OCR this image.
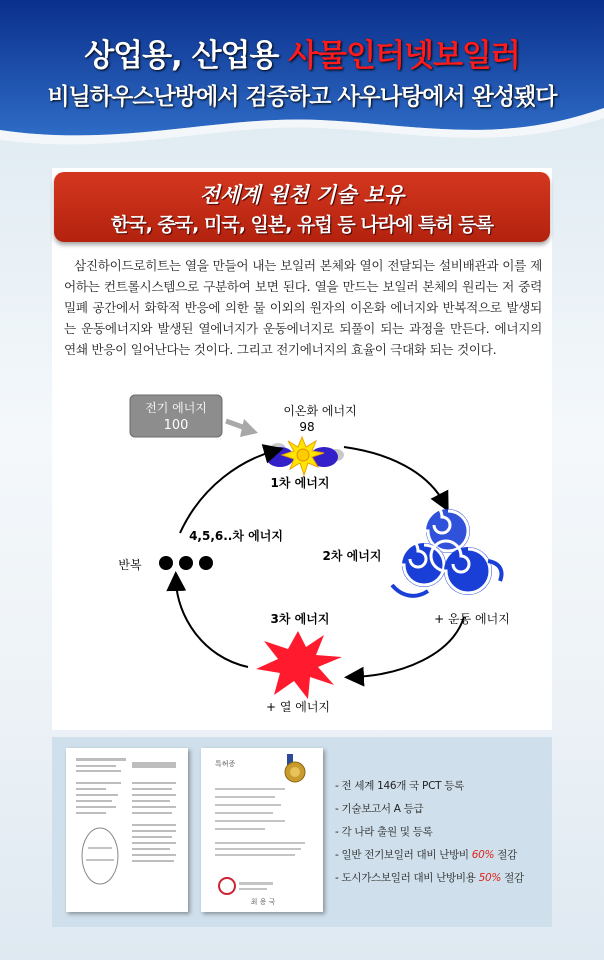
상업용, 산업용 사물인터넷보일러
비닐하우스난방에서 검증하고 사우나탕에서 완성됐다
전세계 원천 기술 보유
한국, 중국, 미국, 일본, 유럽 등 나라에 특허 등록
삼진하이드로히트는 열을 만들어 내는 보일러 본체와 열이 전달되는 설비배관과 이를 제어하는 컨트롤시스템으로 구분하여 보면 된다. 열을 만드는 보일러 본체의 원리는 저 중력 밀폐 공간에서 화학적 반응에 의한 물 이외의 원자의 이온화 에너지와 반복적으로 발생되는 운동에너지와 발생된 열에너지가 운동에너지로 되풀이 되는 과정을 만든다. 에너지의 연쇄 반응이 일어난다는 것이다. 그리고 전기에너지의 효율이 극대화 되는 것이다.
전기 에너지
100
이온화 에너지
98
1차 에너지
2차 에너지
+ 운동 에너지
3차 에너지
+ 열 에너지
4,5,6..차 에너지
반복
특허증
최 용 국
- 전 세계 146개 국 PCT 등록
- 기술보고서 A 등급
- 각 나라 출원 및 등록
- 일반 전기보일러 대비 난방비 60% 절감
- 도시가스보일러 대비 난방비용 50% 절감
